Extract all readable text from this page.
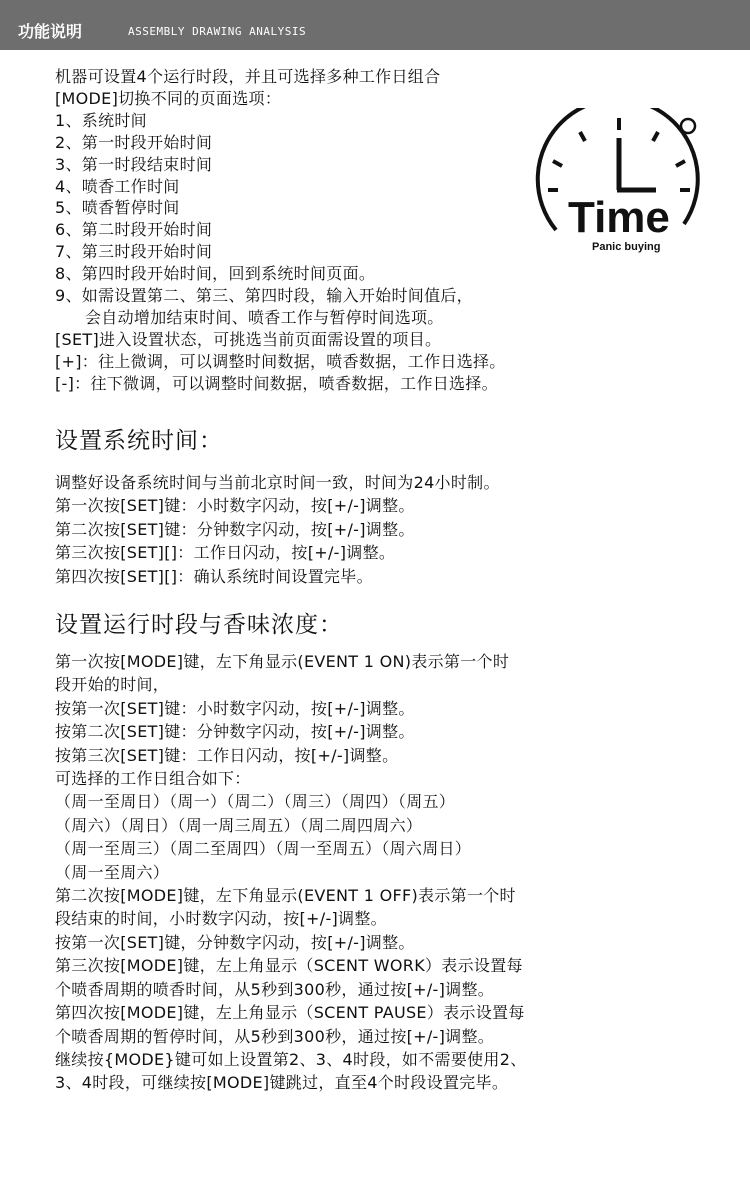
功能说明	ASSEMBLY DRAWING ANALYSIS
机器可设置4个运行时段，并且可选择多种工作日组合
[MODE]切换不同的页面选项：
1、系统时间
2、第一时段开始时间
3、第一时段结束时间
4、喷香工作时间
5、喷香暂停时间
6、第二时段开始时间
7、第三时段开始时间
8、第四时段开始时间，回到系统时间页面。
9、如需设置第二、第三、第四时段，输入开始时间值后，
会自动增加结束时间、喷香工作与暂停时间选项。
[SET]进入设置状态，可挑选当前页面需设置的项目。
[+]：往上微调，可以调整时间数据，喷香数据，工作日选择。
[-]：往下微调，可以调整时间数据，喷香数据，工作日选择。
Time
Panic buying
设置系统时间：
调整好设备系统时间与当前北京时间一致，时间为24小时制。
第一次按[SET]键：小时数字闪动，按[+/-]调整。
第二次按[SET]键：分钟数字闪动，按[+/-]调整。
第三次按[SET][]：工作日闪动，按[+/-]调整。
第四次按[SET][]：确认系统时间设置完毕。
设置运行时段与香味浓度：
第一次按[MODE]键，左下角显示(EVENT 1 ON)表示第一个时
段开始的时间，
按第一次[SET]键：小时数字闪动，按[+/-]调整。
按第二次[SET]键：分钟数字闪动，按[+/-]调整。
按第三次[SET]键：工作日闪动，按[+/-]调整。
可选择的工作日组合如下：
（周一至周日）（周一）（周二）（周三）（周四）（周五）
（周六）（周日）（周一周三周五）（周二周四周六）
（周一至周三）（周二至周四）（周一至周五）（周六周日）
（周一至周六）
第二次按[MODE]键，左下角显示(EVENT 1 OFF)表示第一个时
段结束的时间，小时数字闪动，按[+/-]调整。
按第一次[SET]键，分钟数字闪动，按[+/-]调整。
第三次按[MODE]键，左上角显示（SCENT WORK）表示设置每
个喷香周期的喷香时间，从5秒到300秒，通过按[+/-]调整。
第四次按[MODE]键，左上角显示（SCENT PAUSE）表示设置每
个喷香周期的暂停时间，从5秒到300秒，通过按[+/-]调整。
继续按{MODE}键可如上设置第2、3、4时段，如不需要使用2、
3、4时段，可继续按[MODE]键跳过，直至4个时段设置完毕。
